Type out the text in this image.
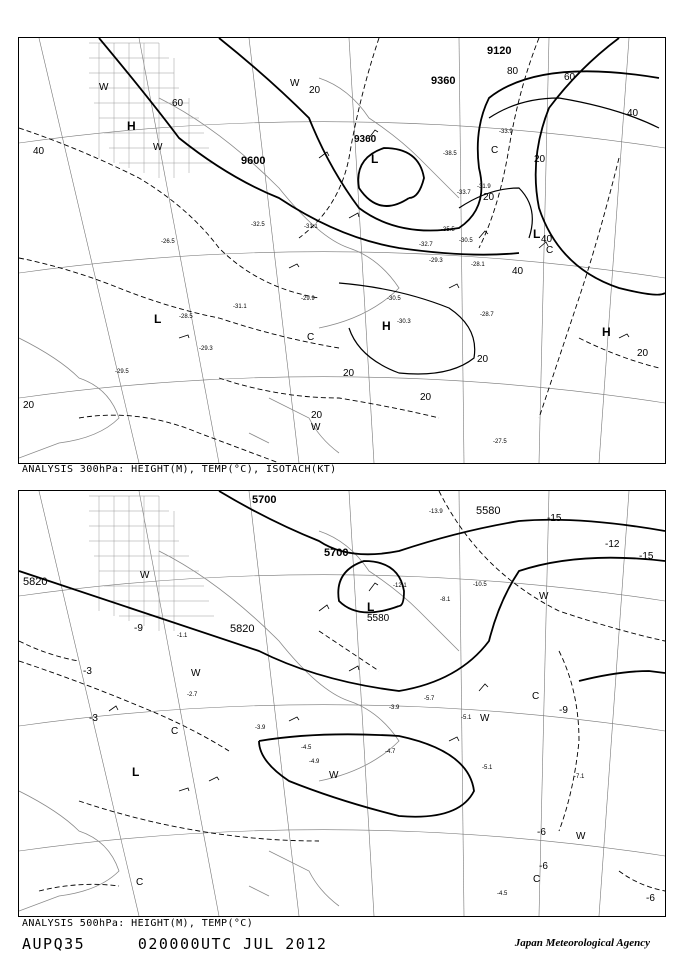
9120
9360
9360
9600
80
60
40
20
60
40
20
40
20
20
20
20
20
20
20
40
H
L
L
L	H	H
C
C
C
W
W
W
W
-31.9
-38.5
-33.9
-32.7
-30.5
-29.3
-28.1
-27.5
-31.1
-28.7
-30.3
-29.9	-30.5
-29.5
-33.7
-35.5
-32.5
-28.5
-26.5
-31.1
-29.3
ANALYSIS 300hPa: HEIGHT(M), TEMP(°C), ISOTACH(KT)
5700
5700
5580
5580
5820
5820
-12
-15
-15
-9
-9
-6
-6
-3
-3
-6
L
L
C
C
C
C
W
W
W
W
W
W
-13.9
-10.5
-12.1
-8.1
-5.7
-5.1
-4.5
-4.9
-3.9
-3.9
-7.1
-5.1
-4.5
-4.7
-2.7
-1.1
ANALYSIS 500hPa: HEIGHT(M), TEMP(°C)
AUPQ35	020000UTC JUL 2012	Japan Meteorological Agency
